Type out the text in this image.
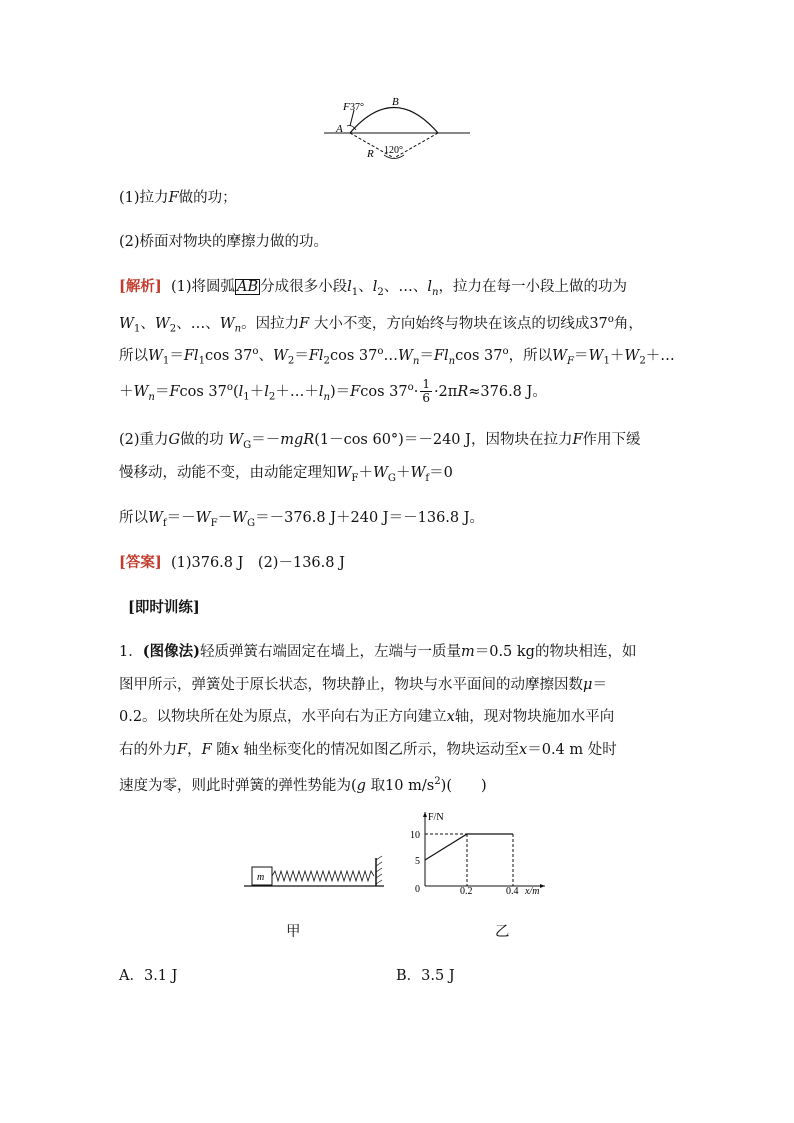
F 37°	B
A
R 120°
(1)拉力F做的功；
(2)桥面对物块的摩擦力做的功。
[解析] (1)将圆弧 AB 分成很多小段$l_1$、$l_2$、…、$l_n$，拉力在每一小段上做的功为
$W_1$、$W_2$、…、$W_n$。因拉力F 大小不变，方向始终与物块在该点的切线成37$^o$角，
所以$W_1=Fl_1\cos$ 37$^o$、$W_2=Fl_2\cos$ $37^o\dots W_n=Fl_n\cos$ 37$^o$，所以$W_F=W_1+W_2+\dots$
$+W_n=Fcos$ $37^o(l_1+l_2+\dots+l_n)=Fcos$ $37^o\cdot \frac{1}{6} \cdot 2\pi R\approx 376.8$ J。
(2)重力G做的功 $W_G=-mgR(1-\cos$ 60°)＝－240 J，因物块在拉力F作用下缓
慢移动，动能不变，由动能定理知$W_F+W_G+W_f=0$
所以$W_f=-W_F-W_G=-376.8$ J＋240 J＝－136.8 J。
[答案] (1)376.8 J　(2)－136.8 J
[即时训练]
1．(图像法)轻质弹簧右端固定在墙上，左端与一质量m＝0.5 kg的物块相连，如
图甲所示，弹簧处于原长状态，物块静止，物块与水平面间的动摩擦因数μ＝
0.2。以物块所在处为原点，水平向右为正方向建立x轴，现对物块施加水平向
右的外力F，F 随x 轴坐标变化的情况如图乙所示，物块运动至x＝0.4 m 处时
速度为零，则此时弹簧的弹性势能为(g 取10 $m/s^2$)(　　)
m
F/N
10
5
0	0.2	0.4 x/m
甲	乙
A．3.1 J	B．3.5 J
